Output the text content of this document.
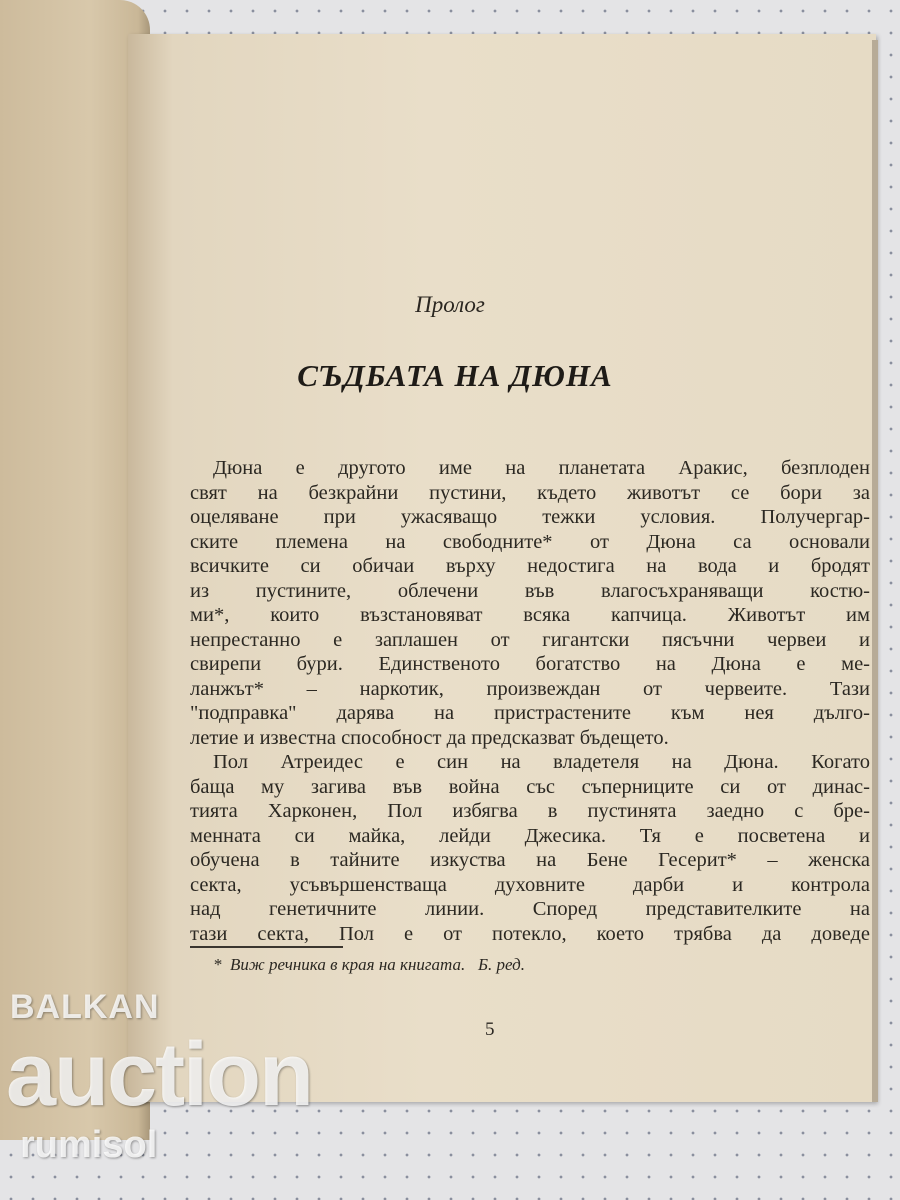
Пролог
СЪДБАТА НА ДЮНА
Дюна е другото име на планетата Аракис, безплоден
свят на безкрайни пустини, където животът се бори за
оцеляване при ужасяващо тежки условия. Получергар-
ските племена на свободните* от Дюна са основали
всичките си обичаи върху недостига на вода и бродят
из пустините, облечени във влагосъхраняващи костю-
ми*, които възстановяват всяка капчица. Животът им
непрестанно е заплашен от гигантски пясъчни червеи и
свирепи бури. Единственото богатство на Дюна е ме-
ланжът* – наркотик, произвеждан от червеите. Тази
"подправка" дарява на пристрастените към нея дълго-
летие и известна способност да предсказват бъдещето.
Пол Атреидес е син на владетеля на Дюна. Когато
баща му загива във война със съперниците си от динас-
тията Харконен, Пол избягва в пустинята заедно с бре-
менната си майка, лейди Джесика. Тя е посветена и
обучена в тайните изкуства на Бене Гесерит* – женска
секта, усъвършенстваща духовните дарби и контрола
над генетичните линии. Според представителките на
тази секта, Пол е от потекло, което трябва да доведе
*  Виж речника в края на книгата.   Б. ред.
5
BALKAN
auction
rumisol
